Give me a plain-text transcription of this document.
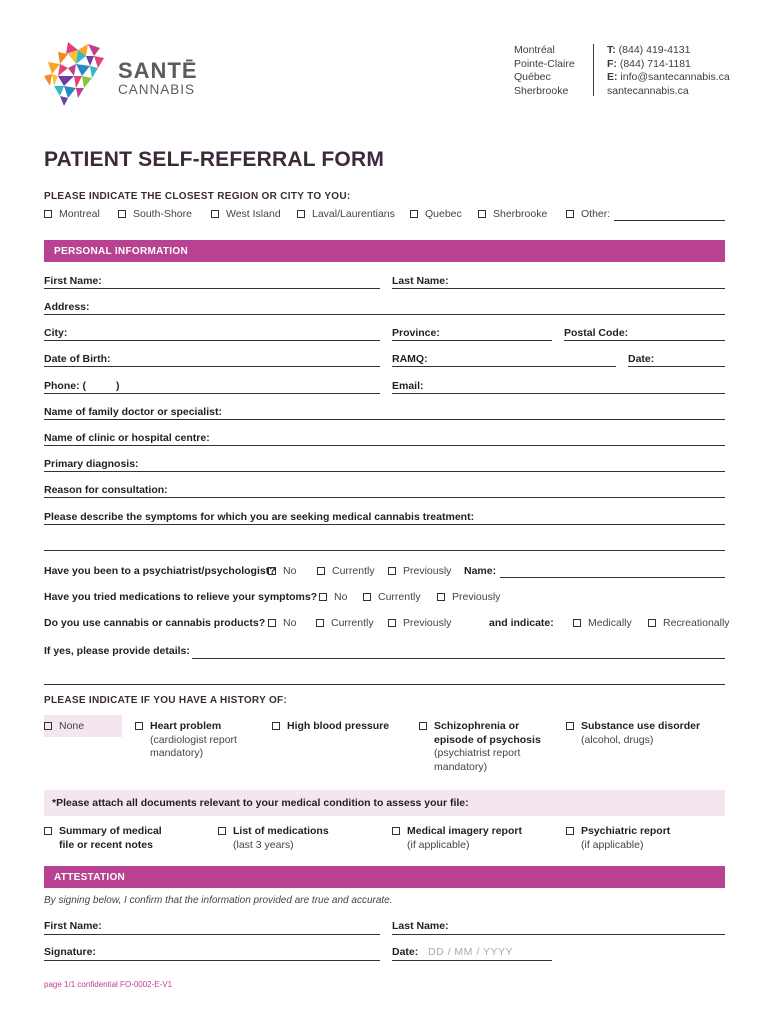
SANTĒ
CANNABIS
Montréal
Pointe-Claire
Québec
Sherbrooke
T: (844) 419-4131
F: (844) 714-1181
E: info@santecannabis.ca
santecannabis.ca
PATIENT SELF-REFERRAL FORM
PLEASE INDICATE THE CLOSEST REGION OR CITY TO YOU:
Montreal	South-Shore	West Island	Laval/Laurentians	Quebec	Sherbrooke	Other:
PERSONAL INFORMATION
First Name:	Last Name:
Address:
City:	Province:	Postal Code:
Date of Birth:	RAMQ:	Date:
Phone: (	)	Email:
Name of family doctor or specialist:
Name of clinic or hospital centre:
Primary diagnosis:
Reason for consultation:
Please describe the symptoms for which you are seeking medical cannabis treatment:
Have you been to a psychiatrist/psychologist? No	Currently	Previously Name:
Have you tried medications to relieve your symptoms? No	Currently	Previously
Do you use cannabis or cannabis products? No	Currently	Previously	and indicate:	Medically	Recreationally
If yes, please provide details:
PLEASE INDICATE IF YOU HAVE A HISTORY OF:
None	Heart problem
(cardiologist report
mandatory)
High blood pressure	Schizophrenia or
episode of psychosis
(psychiatrist report
mandatory)
Substance use disorder
(alcohol, drugs)
*Please attach all documents relevant to your medical condition to assess your file:
Summary of medical
file or recent notes
List of medications
(last 3 years)
Medical imagery report
(if applicable)
Psychiatric report
(if applicable)
ATTESTATION
By signing below, I confirm that the information provided are true and accurate.
First Name:	Last Name:
Signature:	Date: DD / MM / YYYY
page 1/1 confidential FO-0002-E-V1
